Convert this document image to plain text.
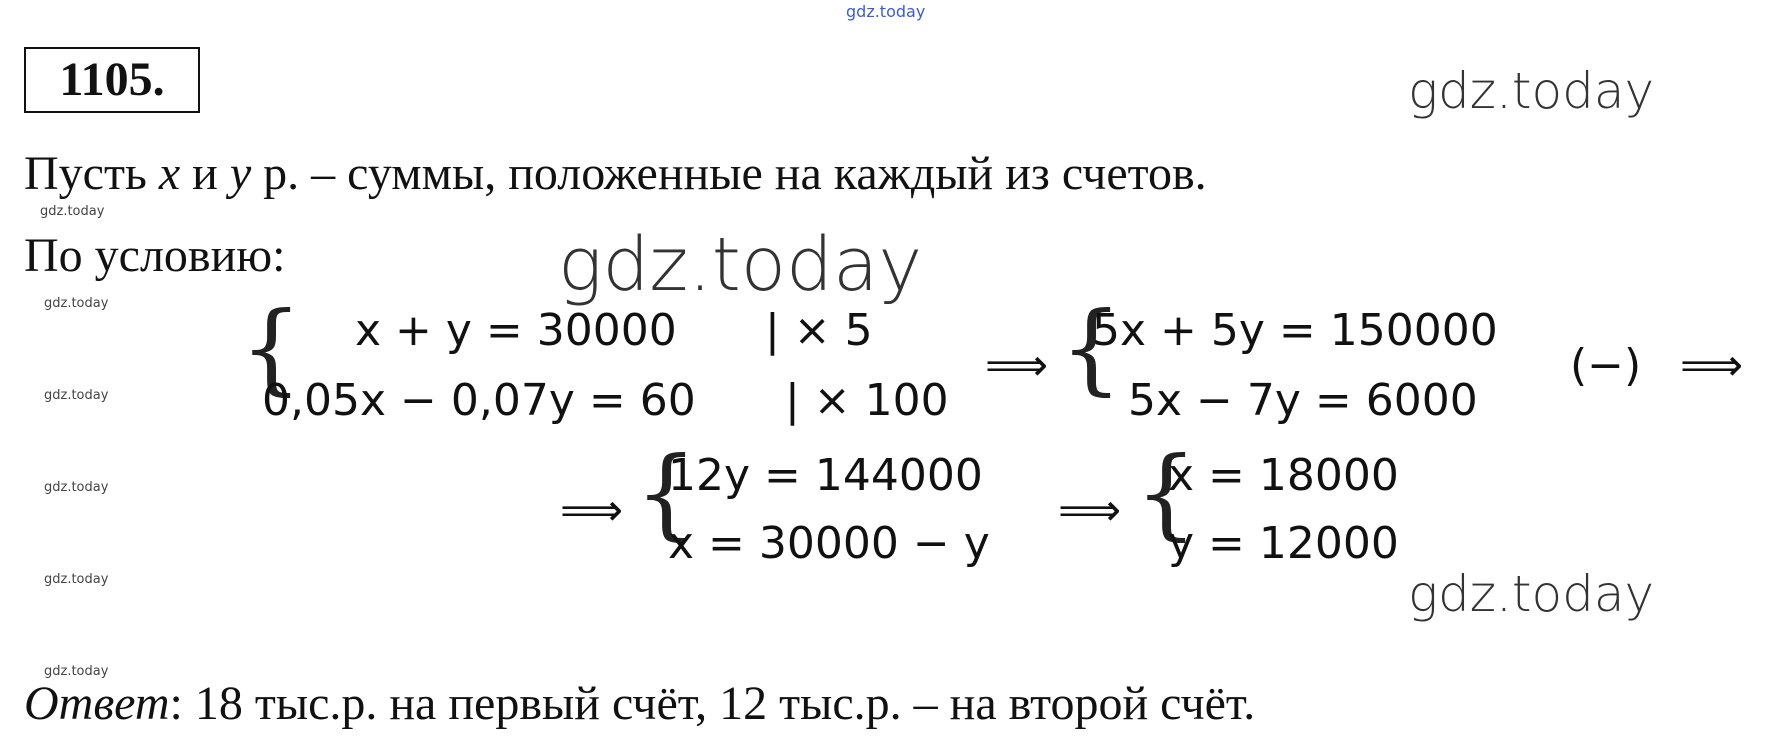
gdz.today
1105.	gdz.today
gdz.today
gdz.today
gdz.today
gdz.today
gdz.today
gdz.today
gdz.today
gdz.today
Пусть x и y р. – суммы, положенные на каждый из счетов.
По условию:
{ x + y = 30000 | × 5
0,05x − 0,07y = 60 | × 100
⟹ {
5x + 5y = 150000
5x − 7y = 6000
(−) ⟹
⟹ {
12y = 144000
x = 30000 − y
⟹ {
x = 18000
y = 12000
Ответ: 18 тыс.р. на первый счёт, 12 тыс.р. – на второй счёт.
